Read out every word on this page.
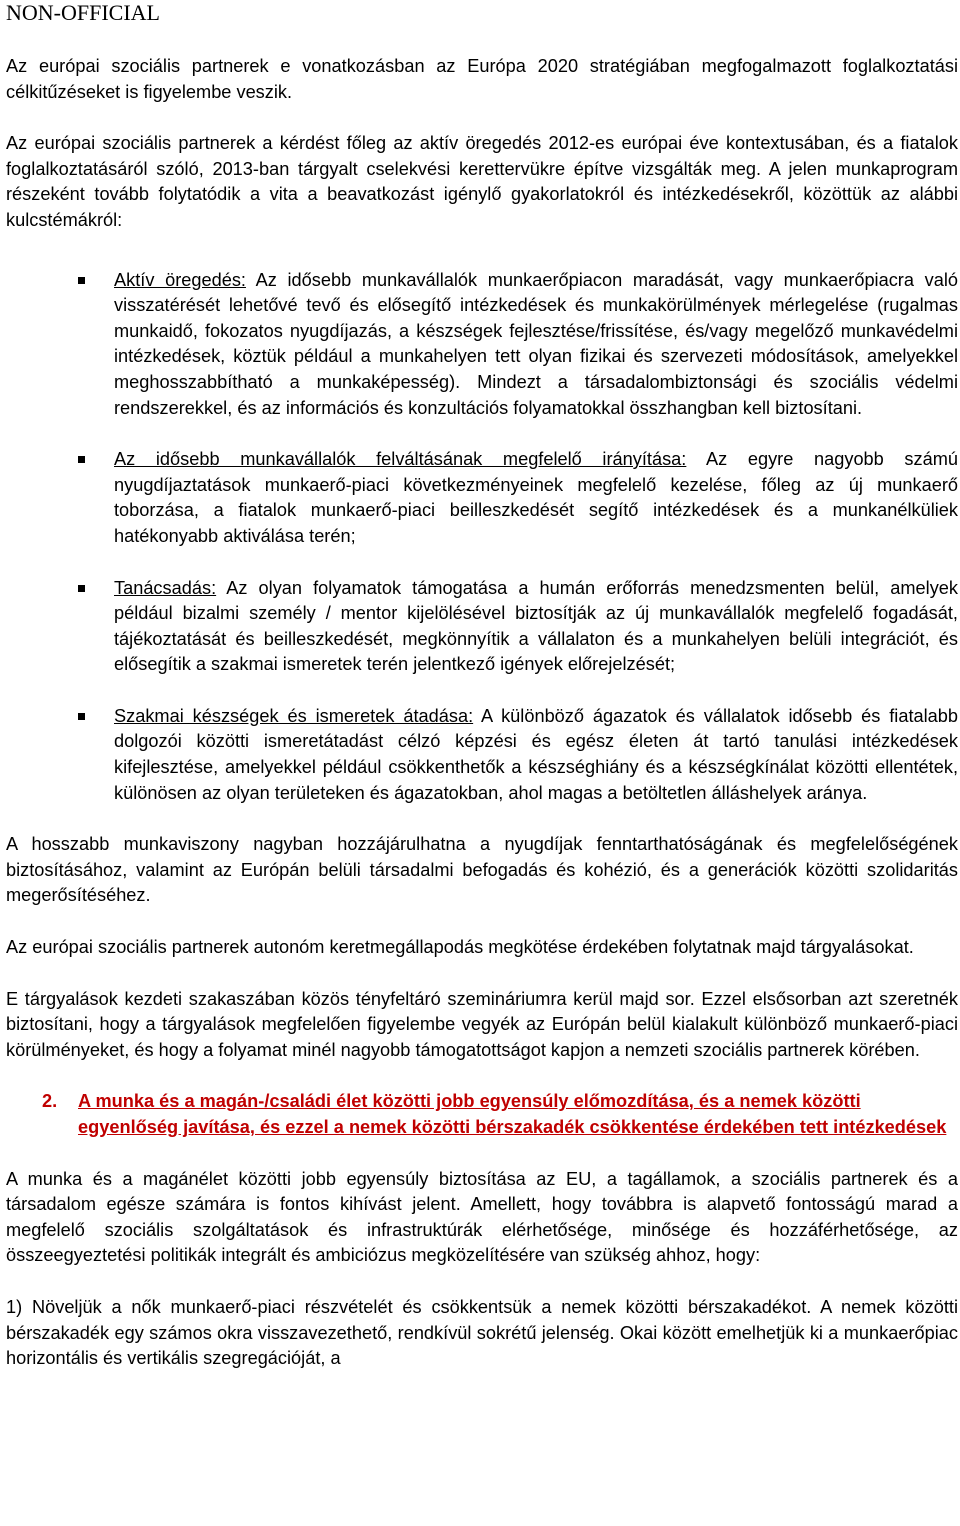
NON-OFFICIAL

Az európai szociális partnerek e vonatkozásban az Európa 2020 stratégiában megfogalmazott foglalkoztatási célkitűzéseket is figyelembe veszik.

Az európai szociális partnerek a kérdést főleg az aktív öregedés 2012-es európai éve kontextusában, és a fiatalok foglalkoztatásáról szóló, 2013-ban tárgyalt cselekvési kerettervükre építve vizsgálták meg. A jelen munkaprogram részeként tovább folytatódik a vita a beavatkozást igénylő gyakorlatokról és intézkedésekről, közöttük az alábbi kulcstémákról:

Aktív öregedés: Az idősebb munkavállalók munkaerőpiacon maradását, vagy munkaerőpiacra való visszatérését lehetővé tevő és elősegítő intézkedések és munkakörülmények mérlegelése (rugalmas munkaidő, fokozatos nyugdíjazás, a készségek fejlesztése/frissítése, és/vagy megelőző munkavédelmi intézkedések, köztük például a munkahelyen tett olyan fizikai és szervezeti módosítások, amelyekkel meghosszabbítható a munkaképesség). Mindezt a társadalombiztonsági és szociális védelmi rendszerekkel, és az információs és konzultációs folyamatokkal összhangban kell biztosítani.
Az idősebb munkavállalók felváltásának megfelelő irányítása: Az egyre nagyobb számú nyugdíjaztatások munkaerő-piaci következményeinek megfelelő kezelése, főleg az új munkaerő toborzása, a fiatalok munkaerő-piaci beilleszkedését segítő intézkedések és a munkanélküliek hatékonyabb aktiválása terén;
Tanácsadás: Az olyan folyamatok támogatása a humán erőforrás menedzsmenten belül, amelyek például bizalmi személy / mentor kijelölésével biztosítják az új munkavállalók megfelelő fogadását, tájékoztatását és beilleszkedését, megkönnyítik a vállalaton és a munkahelyen belüli integrációt, és elősegítik a szakmai ismeretek terén jelentkező igények előrejelzését;
Szakmai készségek és ismeretek átadása: A különböző ágazatok és vállalatok idősebb és fiatalabb dolgozói közötti ismeretátadást célzó képzési és egész életen át tartó tanulási intézkedések kifejlesztése, amelyekkel például csökkenthetők a készséghiány és a készségkínálat közötti ellentétek, különösen az olyan területeken és ágazatokban, ahol magas a betöltetlen álláshelyek aránya.

A hosszabb munkaviszony nagyban hozzájárulhatna a nyugdíjak fenntarthatóságának és megfelelőségének biztosításához, valamint az Európán belüli társadalmi befogadás és kohézió, és a generációk közötti szolidaritás megerősítéséhez.

Az európai szociális partnerek autonóm keretmegállapodás megkötése érdekében folytatnak majd tárgyalásokat.

E tárgyalások kezdeti szakaszában közös tényfeltáró szemináriumra kerül majd sor. Ezzel elsősorban azt szeretnék biztosítani, hogy a tárgyalások megfelelően figyelembe vegyék az Európán belül kialakult különböző munkaerő-piaci körülményeket, és hogy a folyamat minél nagyobb támogatottságot kapjon a nemzeti szociális partnerek körében.

2. A munka és a magán-/családi élet közötti jobb egyensúly előmozdítása, és a nemek közötti egyenlőség javítása, és ezzel a nemek közötti bérszakadék csökkentése érdekében tett intézkedések

A munka és a magánélet közötti jobb egyensúly biztosítása az EU, a tagállamok, a szociális partnerek és a társadalom egésze számára is fontos kihívást jelent. Amellett, hogy továbbra is alapvető fontosságú marad a megfelelő szociális szolgáltatások és infrastruktúrák elérhetősége, minősége és hozzáférhetősége, az összeegyeztetési politikák integrált és ambiciózus megközelítésére van szükség ahhoz, hogy:

1) Növeljük a nők munkaerő-piaci részvételét és csökkentsük a nemek közötti bérszakadékot. A nemek közötti bérszakadék egy számos okra visszavezethető, rendkívül sokrétű jelenség. Okai között emelhetjük ki a munkaerőpiac horizontális és vertikális szegregációját, a
